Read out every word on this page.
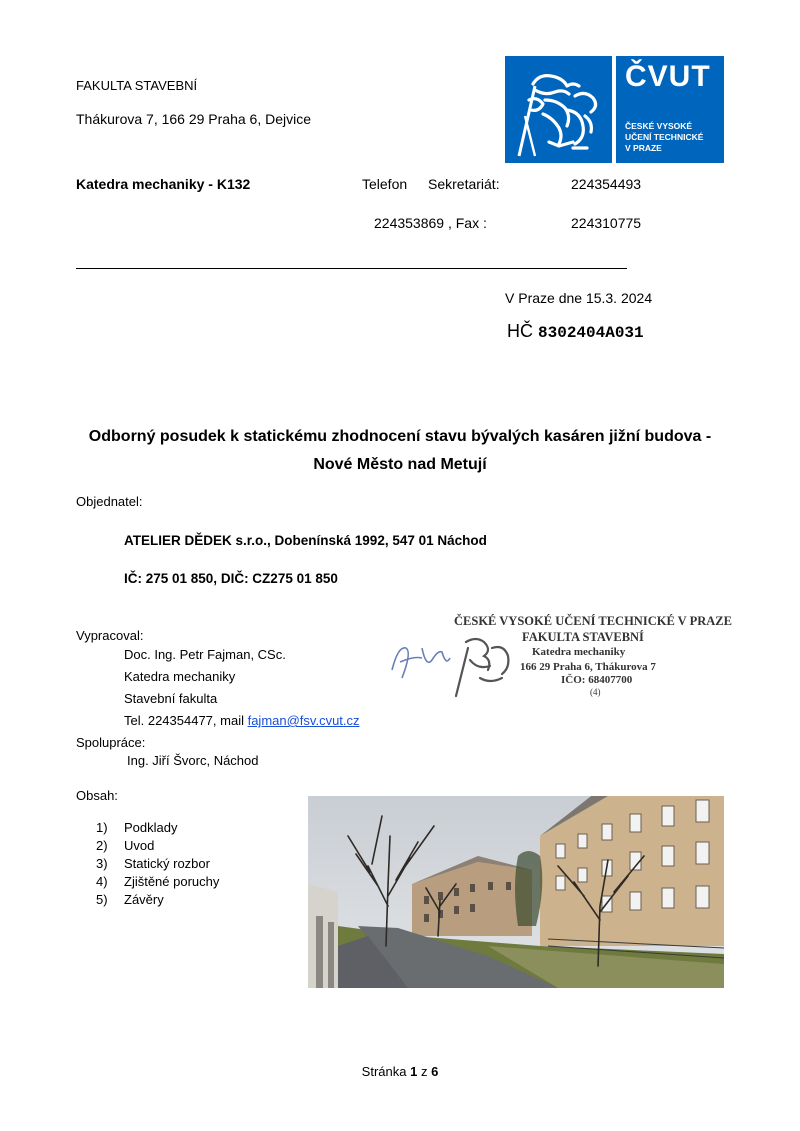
FAKULTA STAVEBNÍ
Thákurova 7, 166 29 Praha 6, Dejvice
ČVUT
ČESKÉ VYSOKÉ
UČENÍ TECHNICKÉ
V PRAZE
Katedra mechaniky - K132	Telefon Sekretariát:	224354493
224353869 , Fax :	224310775
V Praze dne 15.3. 2024
HČ 8302404A031
Odborný posudek k statickému zhodnocení stavu bývalých kasáren jižní budova -
Nové Město nad Metují
Objednatel:
ATELIER DĚDEK s.r.o., Dobenínská 1992, 547 01 Náchod
IČ: 275 01 850, DIČ: CZ275 01 850
Vypracoval:
Doc. Ing. Petr Fajman, CSc.
Katedra mechaniky
Stavební fakulta
Tel. 224354477, mail fajman@fsv.cvut.cz
Spolupráce:
Ing. Jiří Švorc, Náchod
ČESKÉ VYSOKÉ UČENÍ TECHNICKÉ V PRAZE
FAKULTA STAVEBNÍ
Katedra mechaniky
166 29 Praha 6, Thákurova 7
IČO: 68407700
(4)
Obsah:
1)	Podklady
2)	Uvod
3)	Statický rozbor
4)	Zjištěné poruchy
5)	Závěry
Stránka 1 z 6
